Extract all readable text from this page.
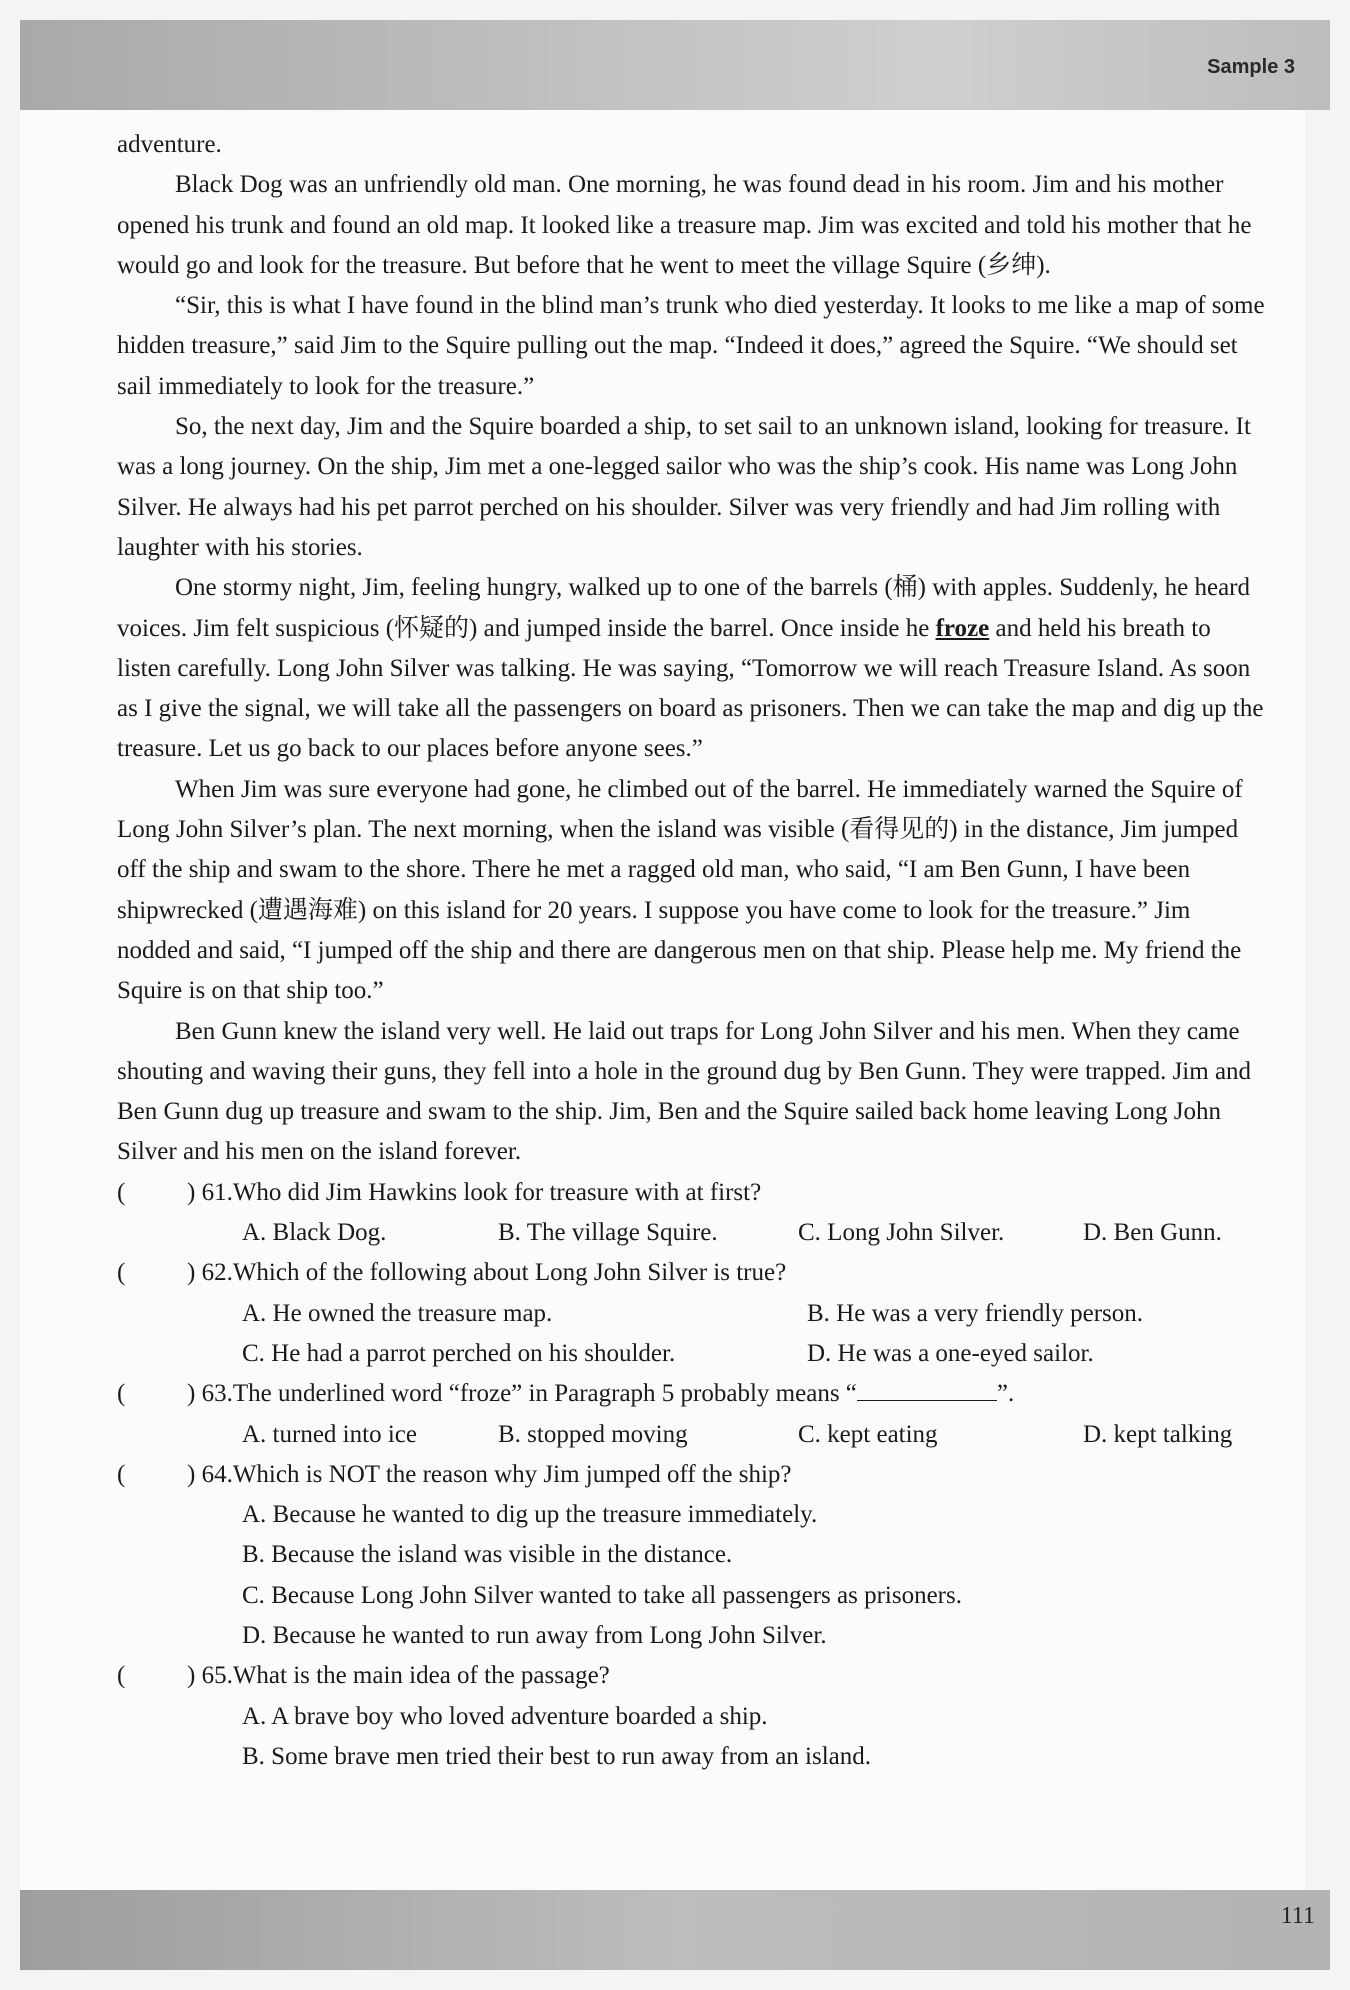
Sample 3

adventure.

Black Dog was an unfriendly old man. One morning, he was found dead in his room. Jim and his mother opened his trunk and found an old map. It looked like a treasure map. Jim was excited and told his mother that he would go and look for the treasure. But before that he went to meet the village Squire (乡绅).

“Sir, this is what I have found in the blind man’s trunk who died yesterday. It looks to me like a map of some hidden treasure,” said Jim to the Squire pulling out the map. “Indeed it does,” agreed the Squire. “We should set sail immediately to look for the treasure.”

So, the next day, Jim and the Squire boarded a ship, to set sail to an unknown island, looking for treasure. It was a long journey. On the ship, Jim met a one-legged sailor who was the ship’s cook. His name was Long John Silver. He always had his pet parrot perched on his shoulder. Silver was very friendly and had Jim rolling with laughter with his stories.

One stormy night, Jim, feeling hungry, walked up to one of the barrels (桶) with apples. Suddenly, he heard voices. Jim felt suspicious (怀疑的) and jumped inside the barrel. Once inside he froze and held his breath to listen carefully. Long John Silver was talking. He was saying, “Tomorrow we will reach Treasure Island. As soon as I give the signal, we will take all the passengers on board as prisoners. Then we can take the map and dig up the treasure. Let us go back to our places before anyone sees.”

When Jim was sure everyone had gone, he climbed out of the barrel. He immediately warned the Squire of Long John Silver’s plan. The next morning, when the island was visible (看得见的) in the distance, Jim jumped off the ship and swam to the shore. There he met a ragged old man, who said, “I am Ben Gunn, I have been shipwrecked (遭遇海难) on this island for 20 years. I suppose you have come to look for the treasure.” Jim nodded and said, “I jumped off the ship and there are dangerous men on that ship. Please help me. My friend the Squire is on that ship too.”

Ben Gunn knew the island very well. He laid out traps for Long John Silver and his men. When they came shouting and waving their guns, they fell into a hole in the ground dug by Ben Gunn. They were trapped. Jim and Ben Gunn dug up treasure and swam to the ship. Jim, Ben and the Squire sailed back home leaving Long John Silver and his men on the island forever.

(	) 61. Who did Jim Hawkins look for treasure with at first?
A. Black Dog.	B. The village Squire.	C. Long John Silver.	D. Ben Gunn.
(	) 62. Which of the following about Long John Silver is true?
A. He owned the treasure map.	B. He was a very friendly person.
C. He had a parrot perched on his shoulder.	D. He was a one-eyed sailor.
(	) 63. The underlined word “froze” in Paragraph 5 probably means “	”.
A. turned into ice	B. stopped moving	C. kept eating	D. kept talking
(	) 64. Which is NOT the reason why Jim jumped off the ship?
A. Because he wanted to dig up the treasure immediately.
B. Because the island was visible in the distance.
C. Because Long John Silver wanted to take all passengers as prisoners.
D. Because he wanted to run away from Long John Silver.
(	) 65. What is the main idea of the passage?
A. A brave boy who loved adventure boarded a ship.
B. Some brave men tried their best to run away from an island.
111
